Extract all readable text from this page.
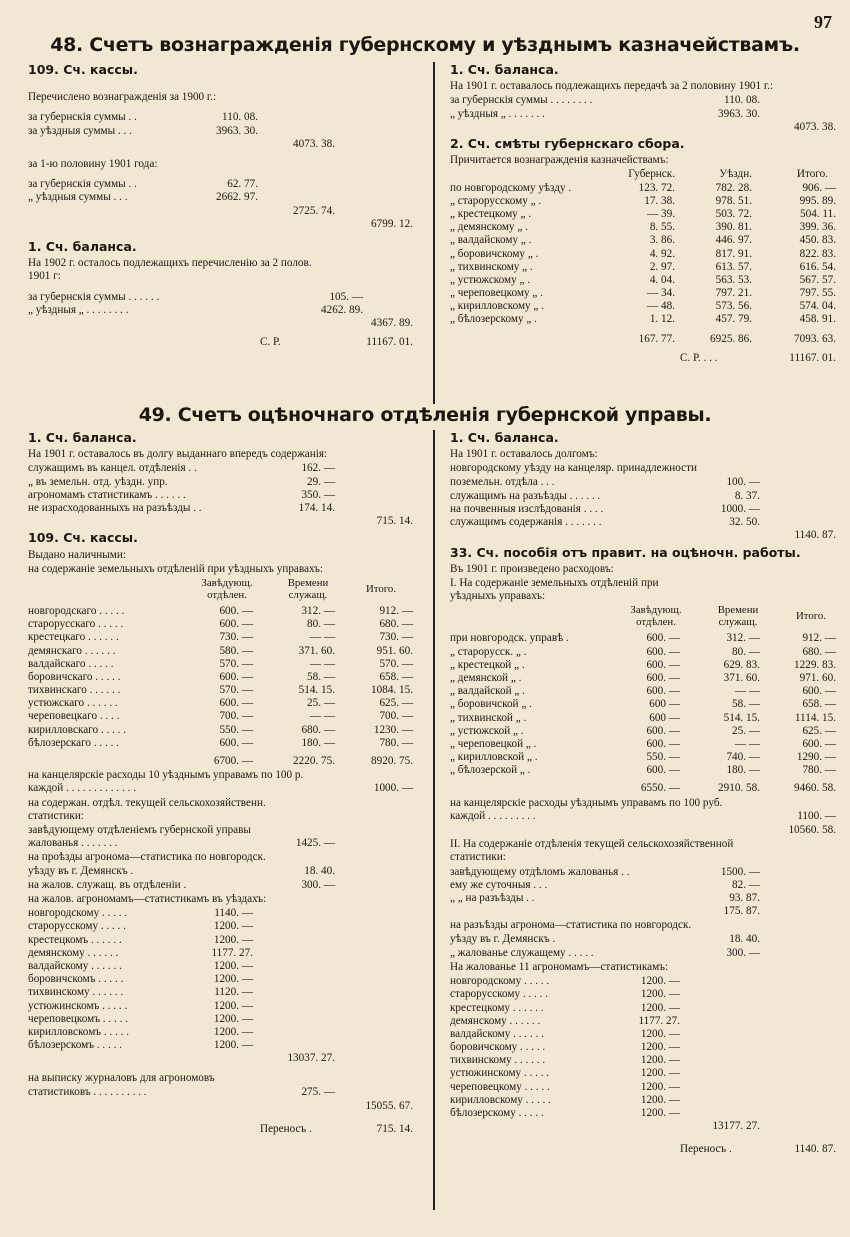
97
48. Счетъ вознагражденія губернскому и уѣзднымъ казначействамъ.
109. Сч. кассы.
Перечислено вознагражденія за 1900 г.:
за губернскія суммы . .	110. 08.
за уѣздныя суммы . . .	3963. 30.
4073. 38.
за 1-ю половину 1901 года:
за губернскія суммы . .	62. 77.
„ уѣздныя суммы . . .	2662. 97.
2725. 74.
6799. 12.
1. Сч. баланса.
На 1902 г. осталось подлежащихъ перечисленію за 2 полов. 1901 г:
за губернскія суммы . . . . . .	105. —
„ уѣздныя „ . . . . . . . .	4262. 89.
4367. 89.
С. Р.	11167. 01.
1. Сч. баланса.
На 1901 г. оставалось подлежащихъ передачѣ за 2 половину 1901 г.:
за губернскія суммы . . . . . . . .	110. 08.
„ уѣздныя „ . . . . . . .	3963. 30.
4073. 38.
2. Сч. смѣты губернскаго сбора.
Причитается вознагражденія казначействамъ:
Губернск.	Уѣздн.	Итого.
по новгородскому уѣзду .	123. 72.	782. 28.	906. —
„ старорусскому „ .	17. 38.	978. 51.	995. 89.
„ крестецкому „ .	— 39.	503. 72.	504. 11.
„ демянскому „ .	8. 55.	390. 81.	399. 36.
„ валдайскому „ .	3. 86.	446. 97.	450. 83.
„ боровичскому „ .	4. 92.	817. 91.	822. 83.
„ тихвинскому „ .	2. 97.	613. 57.	616. 54.
„ устюжскому „ .	4. 04.	563. 53.	567. 57.
„ череповецкому „ .	— 34.	797. 21.	797. 55.
„ кирилловскому „ .	— 48.	573. 56.	574. 04.
„ бѣлозерскому „ .	1. 12.	457. 79.	458. 91.
167. 77.	6925. 86.	7093. 63.
С. Р. . . .	11167. 01.
49. Счетъ оцѣночнаго отдѣленія губернской управы.
1. Сч. баланса.
На 1901 г. оставалось въ долгу выданнаго впередъ содержанія:
служащимъ въ канцел. отдѣленія . .	162. —
„ въ земельн. отд. уѣздн. упр.	29. —
агрономамъ статистикамъ . . . . . .	350. —
не израсходованныхъ на разъѣзды . .	174. 14.
715. 14.
109. Сч. кассы.
Выдано наличными:
на содержаніе земельныхъ отдѣленій при уѣздныхъ управахъ:
Завѣдующ. отдѣлен.
Времени служащ.	Итого.
новгородскаго . . . . .	600. —	312. —	912. —
старорусскаго . . . . .	600. —	80. —	680. —
крестецкаго . . . . . .	730. —	— —	730. —
демянскаго . . . . . .	580. —	371. 60.	951. 60.
валдайскаго . . . . .	570. —	— —	570. —
боровичскаго . . . . .	600. —	58. —	658. —
тихвинскаго . . . . . .	570. —	514. 15.	1084. 15.
устюжскаго . . . . . .	600. —	25. —	625. —
череповецкаго . . . .	700. —	— —	700. —
кирилловскаго . . . . .	550. —	680. —	1230. —
бѣлозерскаго . . . . .	600. —	180. —	780. —
6700. —	2220. 75.	8920. 75.
на канцелярскіе расходы 10 уѣзднымъ управамъ по 100 р. каждой . . . . . . . . . . . . .	1000. —
на содержан. отдѣл. текущей сельскохозяйственн. статистики:
завѣдующему отдѣленіемъ губернской управы жалованья . . . . . . .	1425. —
на проѣзды агронома—статистика по новгородск. уѣзду въ г. Демянскъ .	18. 40.
на жалов. служащ. въ отдѣленіи .	300. —
на жалов. агрономамъ—статистикамъ въ уѣздахъ:
новгородскому . . . . .	1140. —
старорусскому . . . . .	1200. —
крестецкомъ . . . . . .	1200. —
демянскому . . . . . .	1177. 27.
валдайскому . . . . . .	1200. —
боровичскомъ . . . . .	1200. —
тихвинскому . . . . . .	1120. —
устюжинскомъ . . . . .	1200. —
череповецкомъ . . . . .	1200. —
кирилловскомъ . . . . .	1200. —
бѣлозерскомъ . . . . .	1200. —
13037. 27.
на выписку журналовъ для агрономовъ статистиковъ . . . . . . . . . .	275. —
15055. 67.
Переносъ .	715. 14.
1. Сч. баланса.
На 1901 г. оставалось долгомъ:
новгородскому уѣзду на канцеляр. принадлежности поземельн. отдѣла . . .	100. —
служащимъ на разъѣзды . . . . . .	8. 37.
на почвенныя изслѣдованія . . . .	1000. —
служащимъ содержанія . . . . . . .	32. 50.
1140. 87.
33. Сч. пособія отъ правит. на оцѣночн. работы.
Въ 1901 г. произведено расходовъ:
I. На содержаніе земельныхъ отдѣленій при уѣздныхъ управахъ:
Завѣдующ. отдѣлен.
Времени служащ.	Итого.
при новгородск. управѣ .	600. —	312. —	912. —
„ старорусск. „ .	600. —	80. —	680. —
„ крестецкой „ .	600. —	629. 83.	1229. 83.
„ демянской „ .	600. —	371. 60.	971. 60.
„ валдайской „ .	600. —	— —	600. —
„ боровичской „ .	600 —	58. —	658. —
„ тихвинской „ .	600 —	514. 15.	1114. 15.
„ устюжской „ .	600. —	25. —	625. —
„ череповецкой „ .	600. —	— —	600. —
„ кирилловской „ .	550. —	740. —	1290. —
„ бѣлозерской „ .	600. —	180. —	780. —
6550. —	2910. 58.	9460. 58.
на канцелярскіе расходы уѣзднымъ управамъ по 100 руб. каждой . . . . . . . . .	1100. —
10560. 58.
II. На содержаніе отдѣленія текущей сельскохозяйственной статистики:
завѣдующему отдѣломъ жалованья . .	1500. —
ему же суточныя . . .	82. —
„ „ на разъѣзды . .	93. 87.
175. 87.
на разъѣзды агронома—статистика по новгородск. уѣзду въ г. Демянскъ .	18. 40.
„ жалованье служащему . . . . .	300. —
На жалованье 11 агрономамъ—статистикамъ:
новгородскому . . . . .	1200. —
старорусскому . . . . .	1200. —
крестецкому . . . . . .	1200. —
демянскому . . . . . .	1177. 27.
валдайскому . . . . . .	1200. —
боровичскому . . . . .	1200. —
тихвинскому . . . . . .	1200. —
устюжинскому . . . . .	1200. —
череповецкому . . . . .	1200. —
кирилловскому . . . . .	1200. —
бѣлозерскому . . . . .	1200. —
13177. 27.
Переносъ .	1140. 87.
